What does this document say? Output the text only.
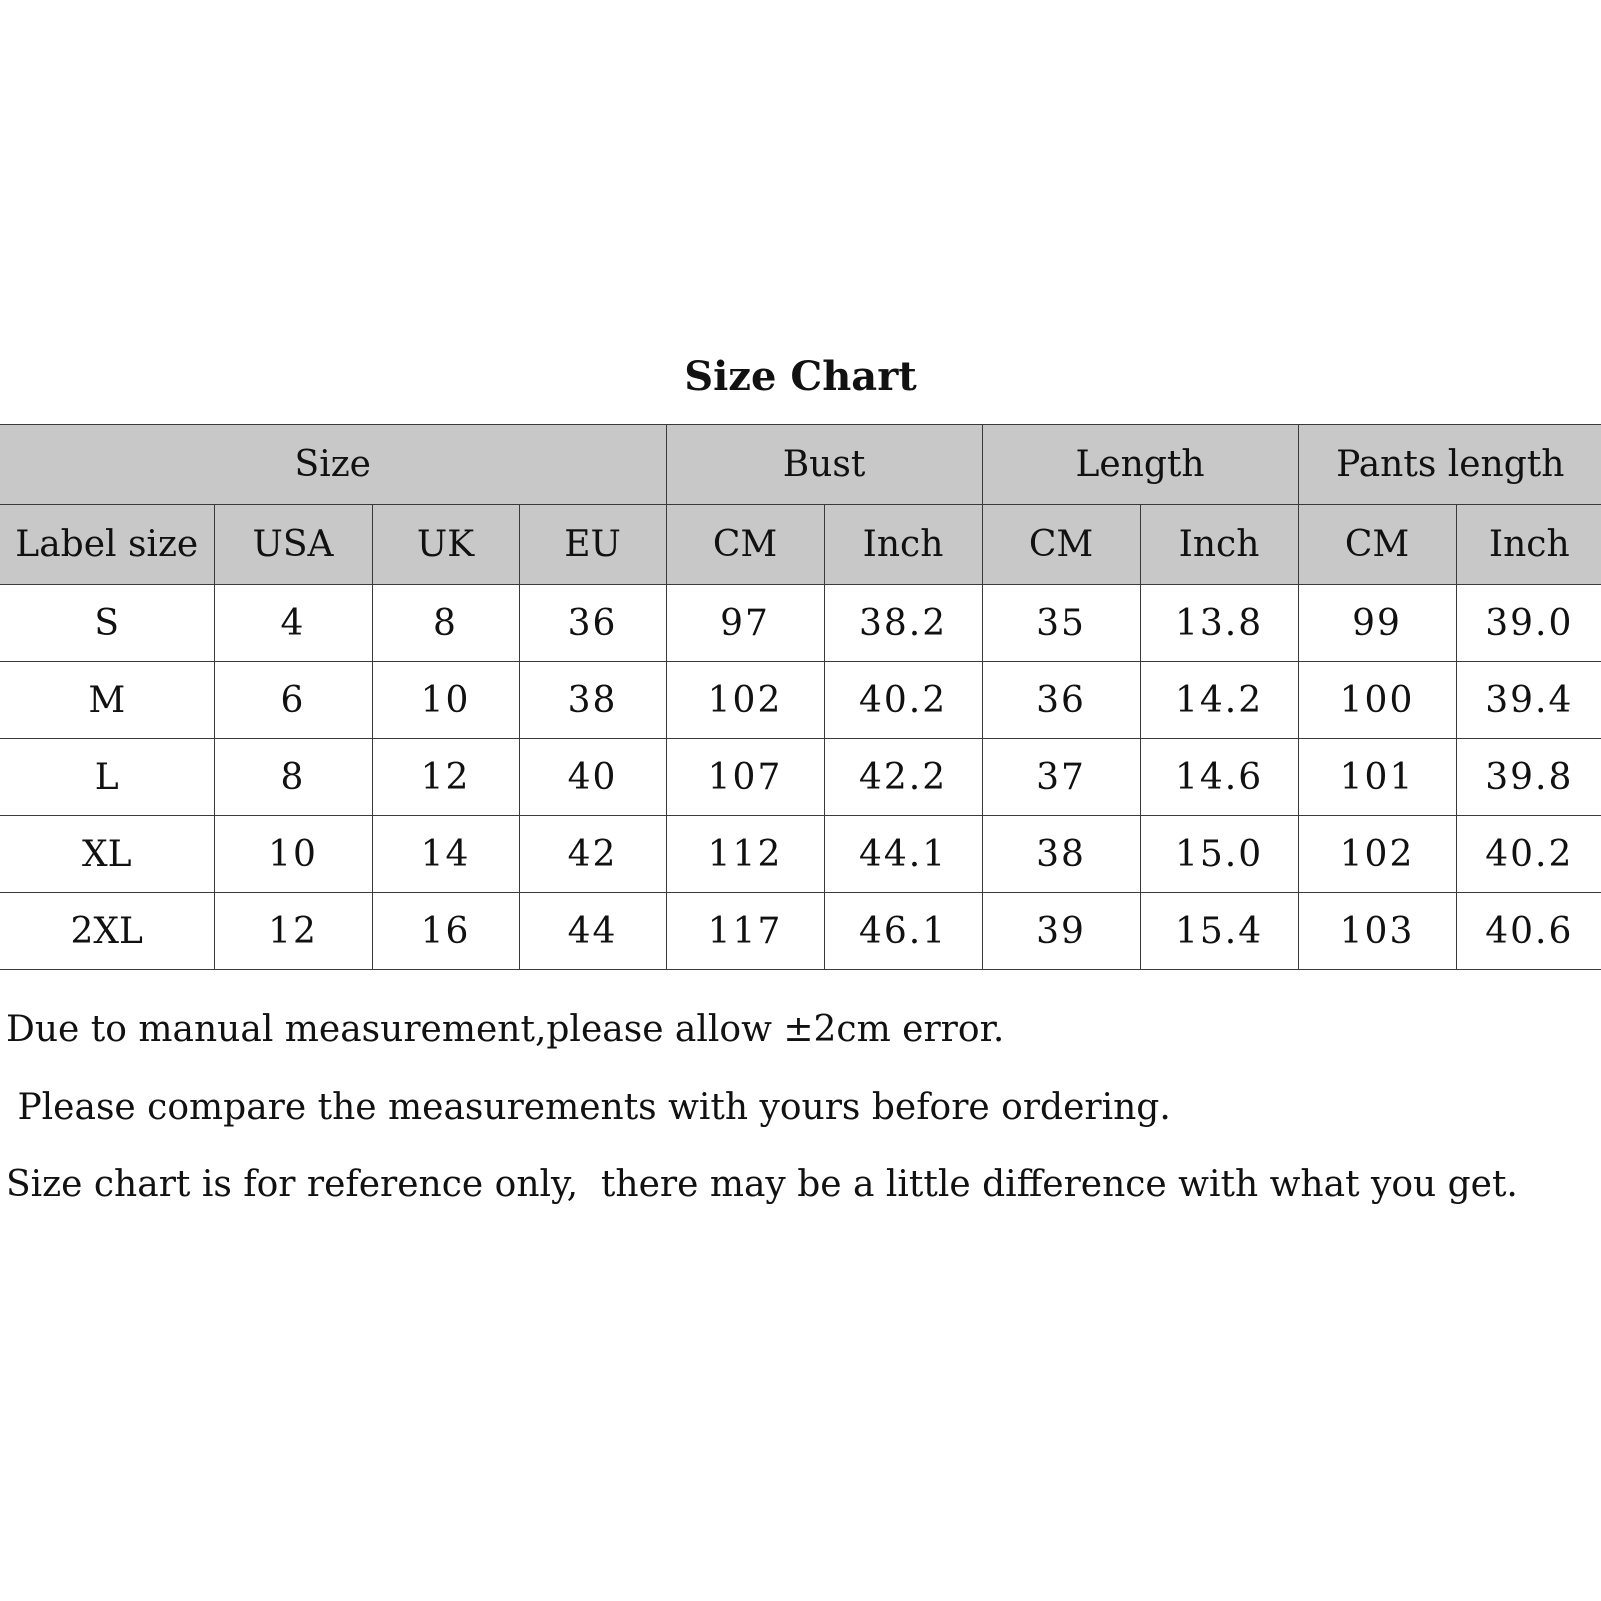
Size Chart
Size				Bust		Length		Pants length	
Label size	USA	UK	EU	CM	Inch	CM	Inch	CM	Inch
S	4	8	36	97	38.2	35	13.8	99	39.0
M	6	10	38	102	40.2	36	14.2	100	39.4
L	8	12	40	107	42.2	37	14.6	101	39.8
XL	10	14	42	112	44.1	38	15.0	102	40.2
2XL	12	16	44	117	46.1	39	15.4	103	40.6
Due to manual measurement,please allow ±2cm error.
Please compare the measurements with yours before ordering.
Size chart is for reference only,  there may be a little difference with what you get.
